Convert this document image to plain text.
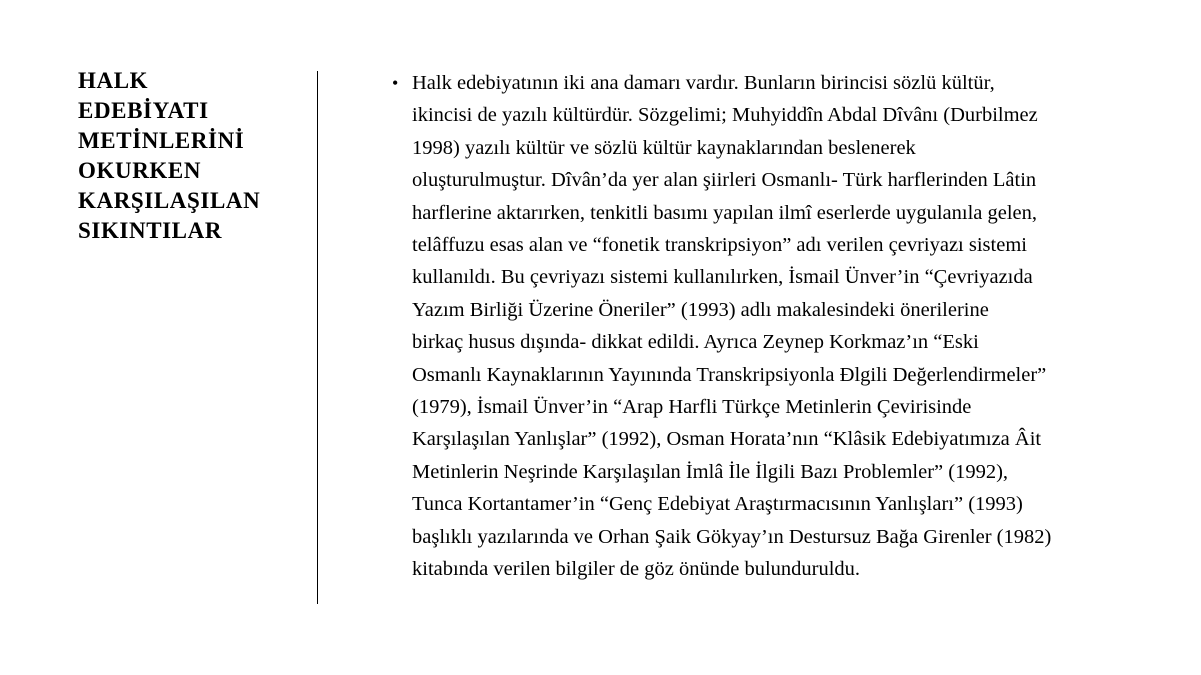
HALK
EDEBİYATI
METİNLERİNİ
OKURKEN
KARŞILAŞILAN
SIKINTILAR
• Halk edebiyatının iki ana damarı vardır. Bunların birincisi sözlü kültür,
ikincisi de yazılı kültürdür. Sözgelimi; Muhyiddîn Abdal Dîvânı (Durbilmez
1998) yazılı kültür ve sözlü kültür kaynaklarından beslenerek
oluşturulmuştur. Dîvân’da yer alan şiirleri Osmanlı- Türk harflerinden Lâtin
harflerine aktarırken, tenkitli basımı yapılan ilmî eserlerde uygulanıla gelen,
telâffuzu esas alan ve “fonetik transkripsiyon” adı verilen çevriyazı sistemi
kullanıldı. Bu çevriyazı sistemi kullanılırken, İsmail Ünver’in “Çevriyazıda
Yazım Birliği Üzerine Öneriler” (1993) adlı makalesindeki önerilerine
birkaç husus dışında- dikkat edildi. Ayrıca Zeynep Korkmaz’ın “Eski
Osmanlı Kaynaklarının Yayınında Transkripsiyonla Đlgili Değerlendirmeler”
(1979), İsmail Ünver’in “Arap Harfli Türkçe Metinlerin Çevirisinde
Karşılaşılan Yanlışlar” (1992), Osman Horata’nın “Klâsik Edebiyatımıza Âit
Metinlerin Neşrinde Karşılaşılan İmlâ İle İlgili Bazı Problemler” (1992),
Tunca Kortantamer’in “Genç Edebiyat Araştırmacısının Yanlışları” (1993)
başlıklı yazılarında ve Orhan Şaik Gökyay’ın Destursuz Bağa Girenler (1982)
kitabında verilen bilgiler de göz önünde bulunduruldu.
